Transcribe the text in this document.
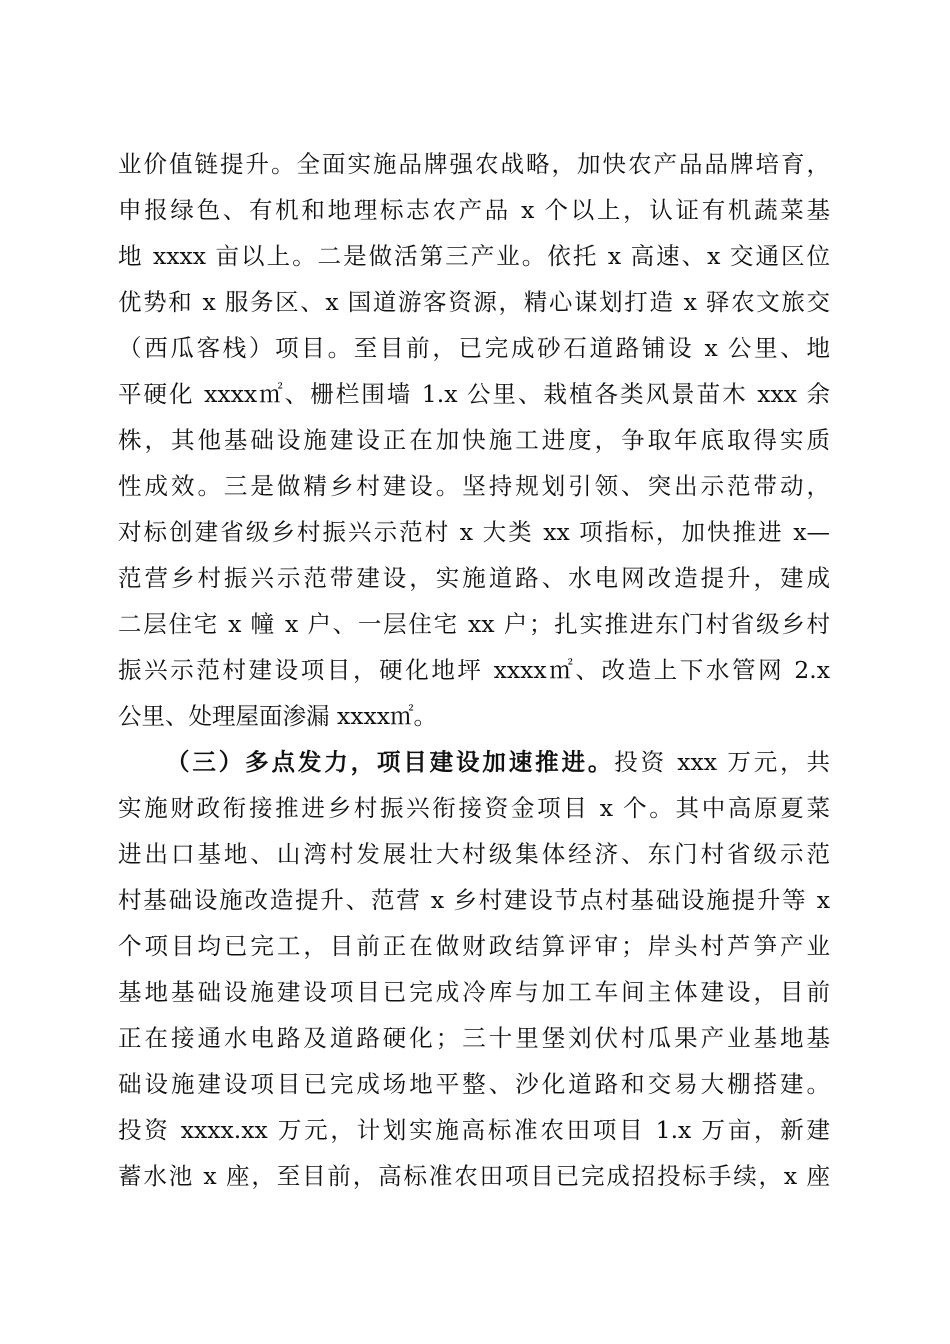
业价值链提升。全面实施品牌强农战略，加快农产品品牌培育，
申报绿色、有机和地理标志农产品 x 个以上，认证有机蔬菜基
地 xxxx 亩以上。二是做活第三产业。依托 x 高速、x 交通区位
优势和 x 服务区、x 国道游客资源，精心谋划打造 x 驿农文旅交
（西瓜客栈）项目。至目前，已完成砂石道路铺设 x 公里、地
平硬化 xxxx㎡、栅栏围墙 1.x 公里、栽植各类风景苗木 xxx 余
株，其他基础设施建设正在加快施工进度，争取年底取得实质
性成效。三是做精乡村建设。坚持规划引领、突出示范带动，
对标创建省级乡村振兴示范村 x 大类 xx 项指标，加快推进 x—
范营乡村振兴示范带建设，实施道路、水电网改造提升，建成
二层住宅 x 幢 x 户、一层住宅 xx 户；扎实推进东门村省级乡村
振兴示范村建设项目，硬化地坪 xxxx㎡、改造上下水管网 2.x
公里、处理屋面渗漏 xxxx㎡。
（三）多点发力，项目建设加速推进。投资 xxx 万元，共
实施财政衔接推进乡村振兴衔接资金项目 x 个。其中高原夏菜
进出口基地、山湾村发展壮大村级集体经济、东门村省级示范
村基础设施改造提升、范营 x 乡村建设节点村基础设施提升等 x
个项目均已完工，目前正在做财政结算评审；岸头村芦笋产业
基地基础设施建设项目已完成冷库与加工车间主体建设，目前
正在接通水电路及道路硬化；三十里堡刘伏村瓜果产业基地基
础设施建设项目已完成场地平整、沙化道路和交易大棚搭建。
投资 xxxx.xx 万元，计划实施高标准农田项目 1.x 万亩，新建
蓄水池 x 座，至目前，高标准农田项目已完成招投标手续，x 座
